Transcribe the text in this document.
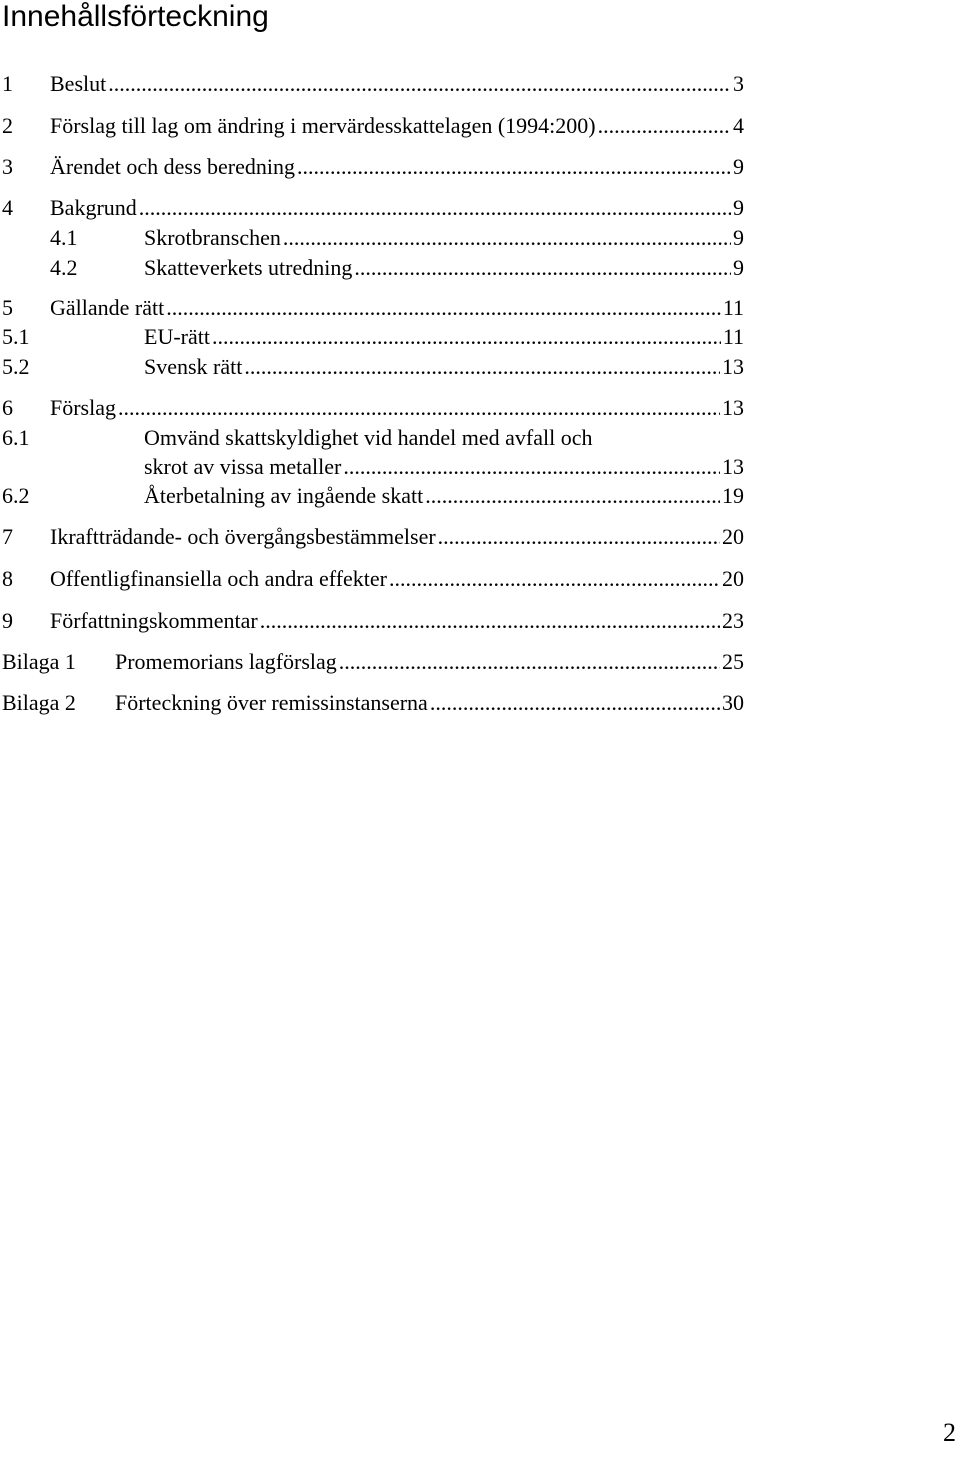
Innehållsförteckning
1 Beslut .....	3
2 Förslag till lag om ändring i mervärdesskattelagen (1994:200) .....	4
3 Ärendet och dess beredning .....	9
4 Bakgrund .....	9
4.1	Skrotbranschen .....	9
4.2	Skatteverkets utredning .....	9
5 Gällande rätt .....	11
5.1	EU-rätt .....	11
5.2	Svensk rätt .....	13
6 Förslag .....	13
6.1	Omvänd skattskyldighet vid handel med avfall och
skrot av vissa metaller .....	13
6.2	Återbetalning av ingående skatt .....	19
7 Ikraftträdande- och övergångsbestämmelser .....	20
8 Offentligfinansiella och andra effekter .....	20
9 Författningskommentar .....	23
Bilaga 1 Promemorians lagförslag .....	25
Bilaga 2 Förteckning över remissinstanserna .....	30
2
